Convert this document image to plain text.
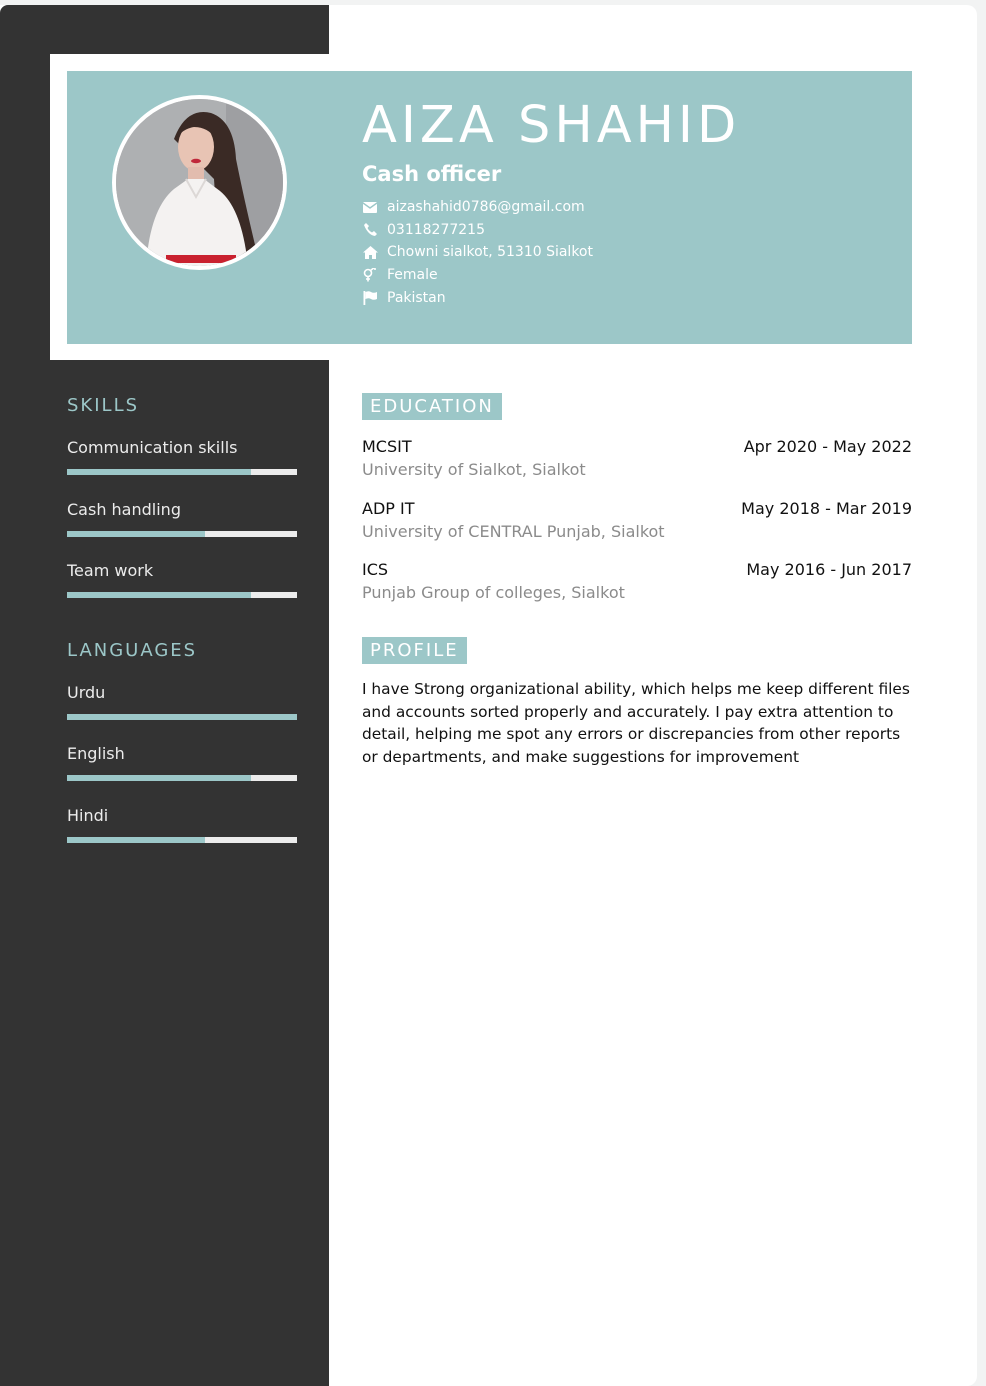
AIZA SHAHID
Cash officer
aizashahid0786@gmail.com
03118277215
Chowni sialkot, 51310 Sialkot
Female
Pakistan
SKILLS
Communication skills
Cash handling
Team work
LANGUAGES
Urdu
English
Hindi
EDUCATION
MCSIT	Apr 2020 - May 2022
University of Sialkot, Sialkot
ADP IT	May 2018 - Mar 2019
University of CENTRAL Punjab, Sialkot
ICS	May 2016 - Jun 2017
Punjab Group of colleges, Sialkot
PROFILE

I have Strong organizational ability, which helps me keep different files and accounts sorted properly and accurately. I pay extra attention to detail, helping me spot any errors or discrepancies from other reports or departments, and make suggestions for improvement
